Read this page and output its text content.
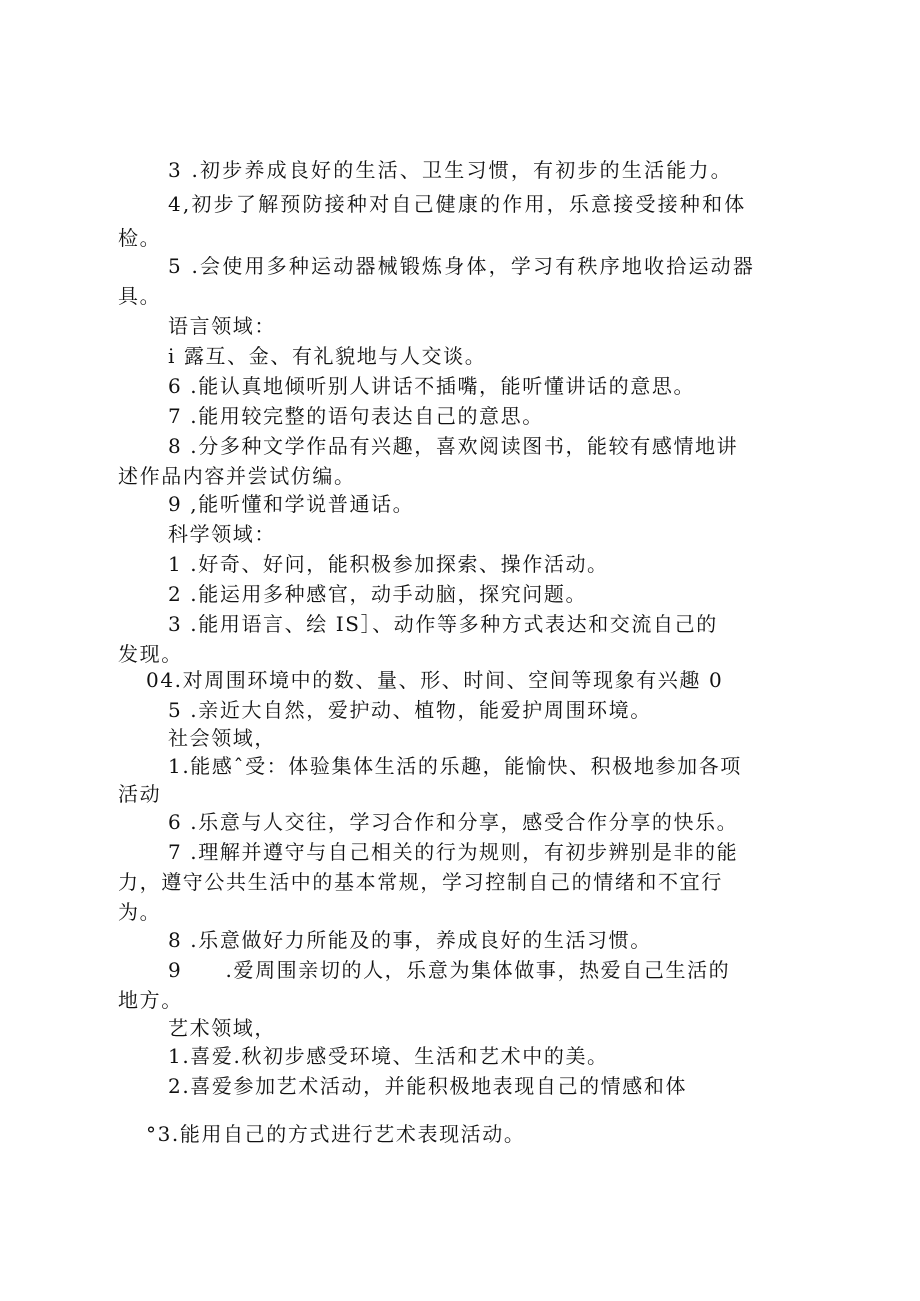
3 .初步养成良好的生活、卫生习惯，有初步的生活能力。
4,初步了解预防接种对自己健康的作用，乐意接受接种和体
检。
5 .会使用多种运动器械锻炼身体，学习有秩序地收拾运动器
具。
语言领域：
i 露互、金、有礼貌地与人交谈。
6 .能认真地倾听别人讲话不插嘴，能听懂讲话的意思。
7 .能用较完整的语句表达自己的意思。
8 .分多种文学作品有兴趣，喜欢阅读图书，能较有感情地讲
述作品内容并尝试仿编。
9 ,能听懂和学说普通话。
科学领域：
1 .好奇、好问，能积极参加探索、操作活动。
2 .能运用多种感官，动手动脑，探究问题。
3 .能用语言、绘 IS］、动作等多种方式表达和交流自己的
发现。
04.对周围环境中的数、量、形、时间、空间等现象有兴趣 0
5 .亲近大自然，爱护动、植物，能爱护周围环境。
社会领域，
1.能感ˆ受：体验集体生活的乐趣，能愉快、积极地参加各项
活动
6 .乐意与人交往，学习合作和分享，感受合作分享的快乐。
7 .理解并遵守与自己相关的行为规则，有初步辨别是非的能
力，遵守公共生活中的基本常规，学习控制自己的情绪和不宜行
为。
8 .乐意做好力所能及的事，养成良好的生活习惯。
9　　.爱周围亲切的人，乐意为集体做事，热爱自己生活的
地方。
艺术领域，
1.喜爱.秋初步感受环境、生活和艺术中的美。
2.喜爱参加艺术活动，并能积极地表现自己的情感和体
°3.能用自己的方式进行艺术表现活动。
